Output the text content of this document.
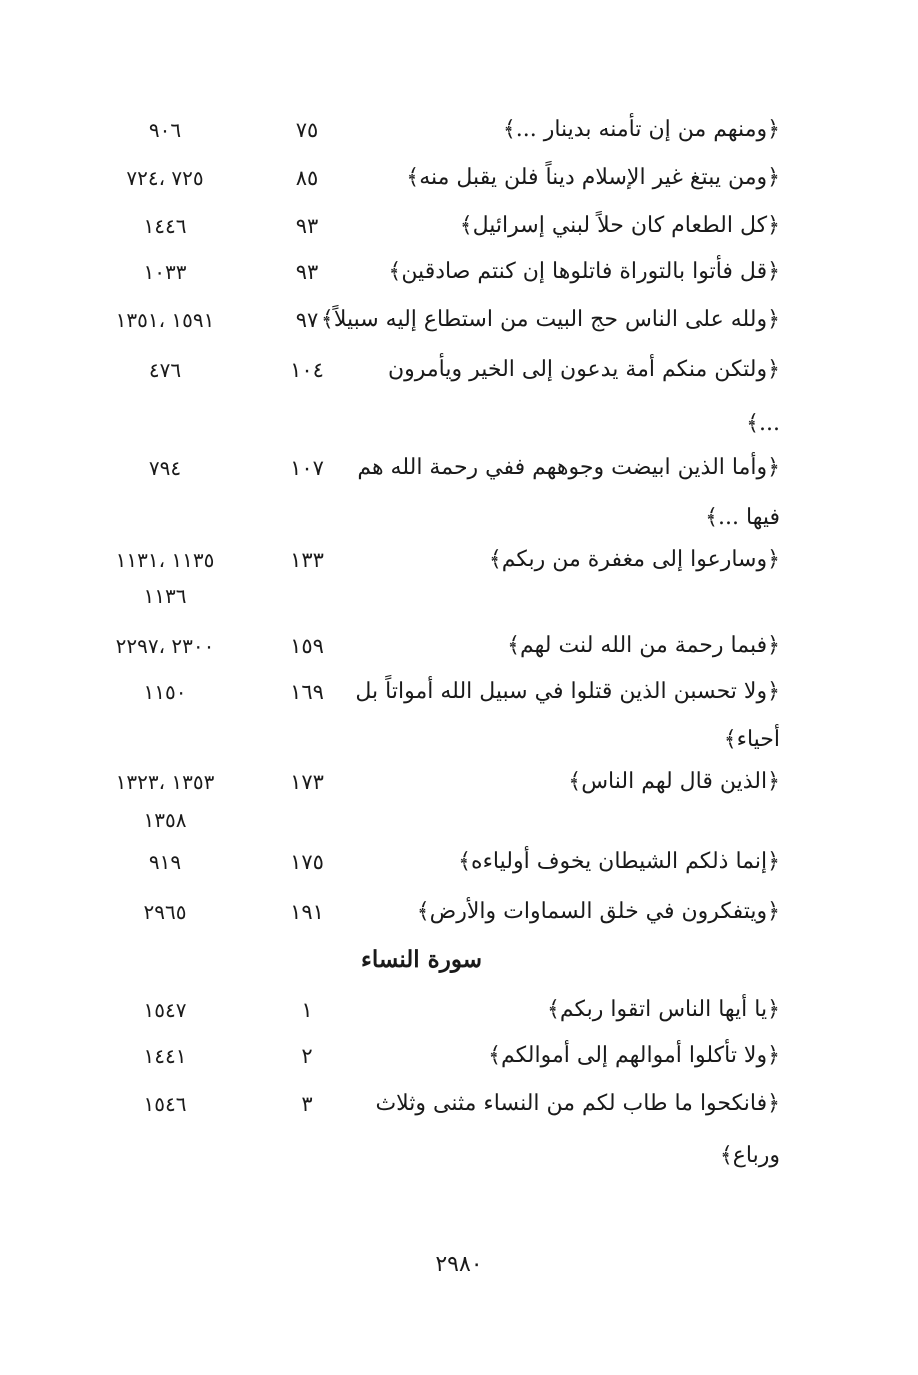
﴿ومنهم من إن تأمنه بدينار ...﴾
٧٥
٩٠٦
﴿ومن يبتغ غير الإسلام ديناً فلن يقبل منه﴾
٨٥
٧٢٥ ،٧٢٤
﴿كل الطعام كان حلاً لبني إسرائيل﴾
٩٣
١٤٤٦
﴿قل فأتوا بالتوراة فاتلوها إن كنتم صادقين﴾
٩٣
١٠٣٣
﴿ولله على الناس حج البيت من استطاع إليه سبيلاً﴾
٩٧
١٥٩١ ،١٣٥١
﴿ولتكن منكم أمة يدعون إلى الخير ويأمرون
١٠٤
٤٧٦
...﴾
﴿وأما الذين ابيضت وجوههم ففي رحمة الله هم
١٠٧
٧٩٤
فيها ...﴾
﴿وسارعوا إلى مغفرة من ربكم﴾
١٣٣
١١٣٥ ،١١٣١
١١٣٦
﴿فبما رحمة من الله لنت لهم﴾
١٥٩
٢٣٠٠ ،٢٢٩٧
﴿ولا تحسبن الذين قتلوا في سبيل الله أمواتاً بل
١٦٩
١١٥٠
أحياء﴾
﴿الذين قال لهم الناس﴾
١٧٣
١٣٥٣ ،١٣٢٣
١٣٥٨
﴿إنما ذلكم الشيطان يخوف أولياءه﴾
١٧٥
٩١٩
﴿ويتفكرون في خلق السماوات والأرض﴾
١٩١
٢٩٦٥
سورة النساء
﴿يا أيها الناس اتقوا ربكم﴾
١
١٥٤٧
﴿ولا تأكلوا أموالهم إلى أموالكم﴾
٢
١٤٤١
﴿فانكحوا ما طاب لكم من النساء مثنى وثلاث
٣
١٥٤٦
ورباع﴾
٢٩٨٠
